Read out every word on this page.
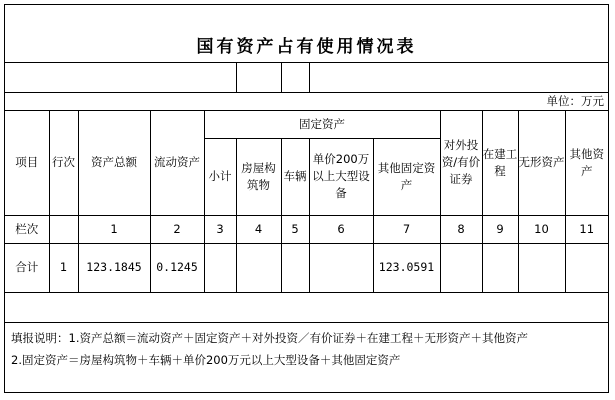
国有资产占有使用情况表

单位：万元												
项目	行次	资产总额	流动资产	固定资产					对外投资/有价证券	在建工程	无形资产	其他资产
				小计	房屋构筑物	车辆	单价200万以上大型设备	其他固定资产				
栏次		1	2	3	4	5	6	7	8	9	10	11
合计	1	123.1845	0.1245					123.0591				

填报说明：1.资产总额＝流动资产＋固定资产＋对外投资／有价证券＋在建工程＋无形资产＋其他资产
2.固定资产＝房屋构筑物＋车辆＋单价200万元以上大型设备＋其他固定资产
